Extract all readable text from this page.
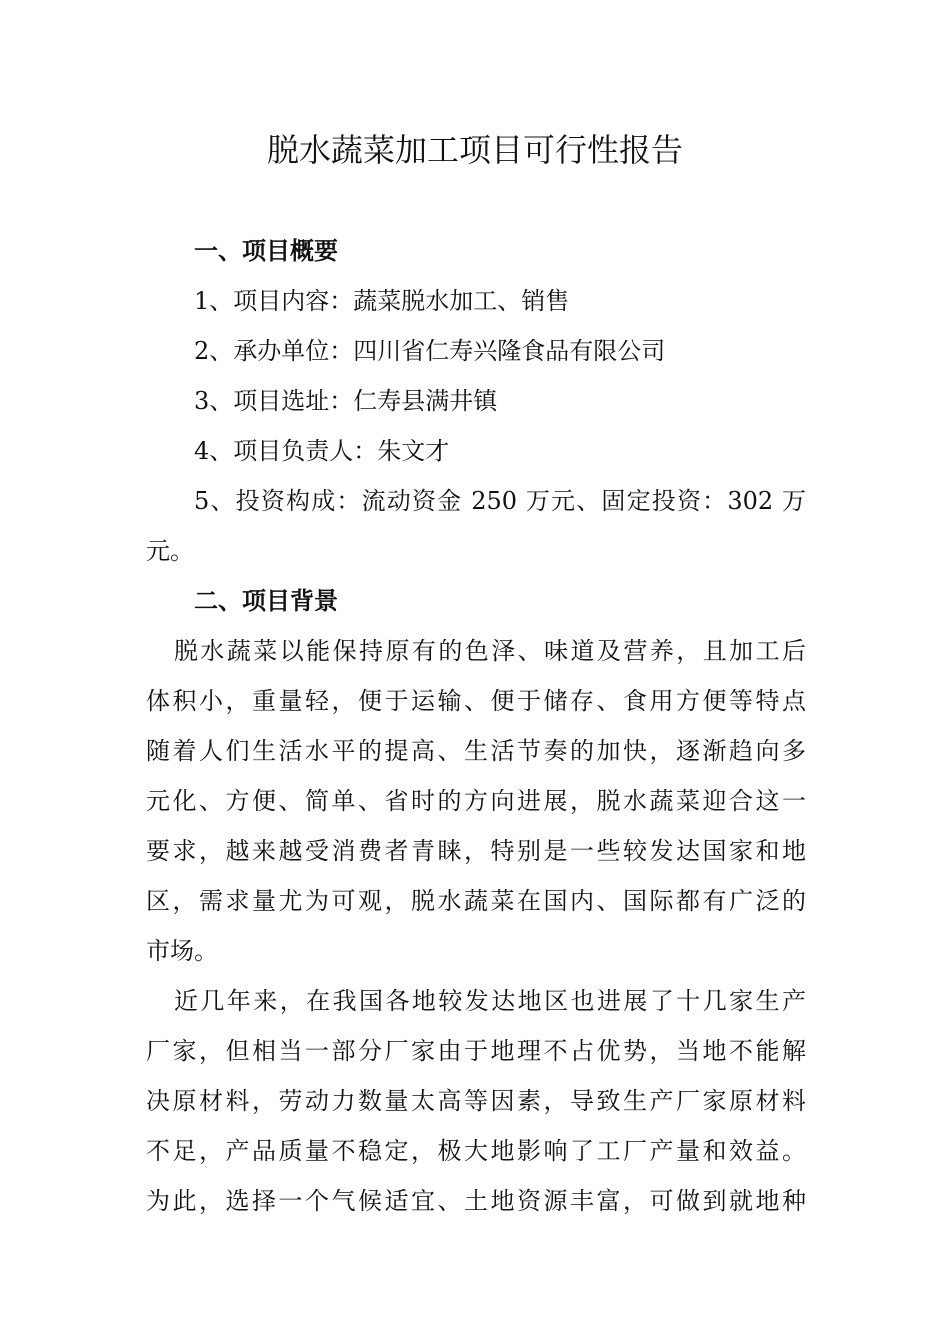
脱水蔬菜加工项目可行性报告

一、项目概要

1、项目内容：蔬菜脱水加工、销售

2、承办单位：四川省仁寿兴隆食品有限公司

3、项目选址：仁寿县满井镇

4、项目负责人：朱文才

5、投资构成：流动资金 250 万元、固定投资：302 万
元。

二、项目背景

脱水蔬菜以能保持原有的色泽、味道及营养，且加工后
体积小，重量轻，便于运输、便于储存、食用方便等特点
随着人们生活水平的提高、生活节奏的加快，逐渐趋向多
元化、方便、简单、省时的方向进展，脱水蔬菜迎合这一
要求，越来越受消费者青睐，特别是一些较发达国家和地
区，需求量尤为可观，脱水蔬菜在国内、国际都有广泛的
市场。
近几年来，在我国各地较发达地区也进展了十几家生产
厂家，但相当一部分厂家由于地理不占优势，当地不能解
决原材料，劳动力数量太高等因素，导致生产厂家原材料
不足，产品质量不稳定，极大地影响了工厂产量和效益。
为此，选择一个气候适宜、土地资源丰富，可做到就地种
